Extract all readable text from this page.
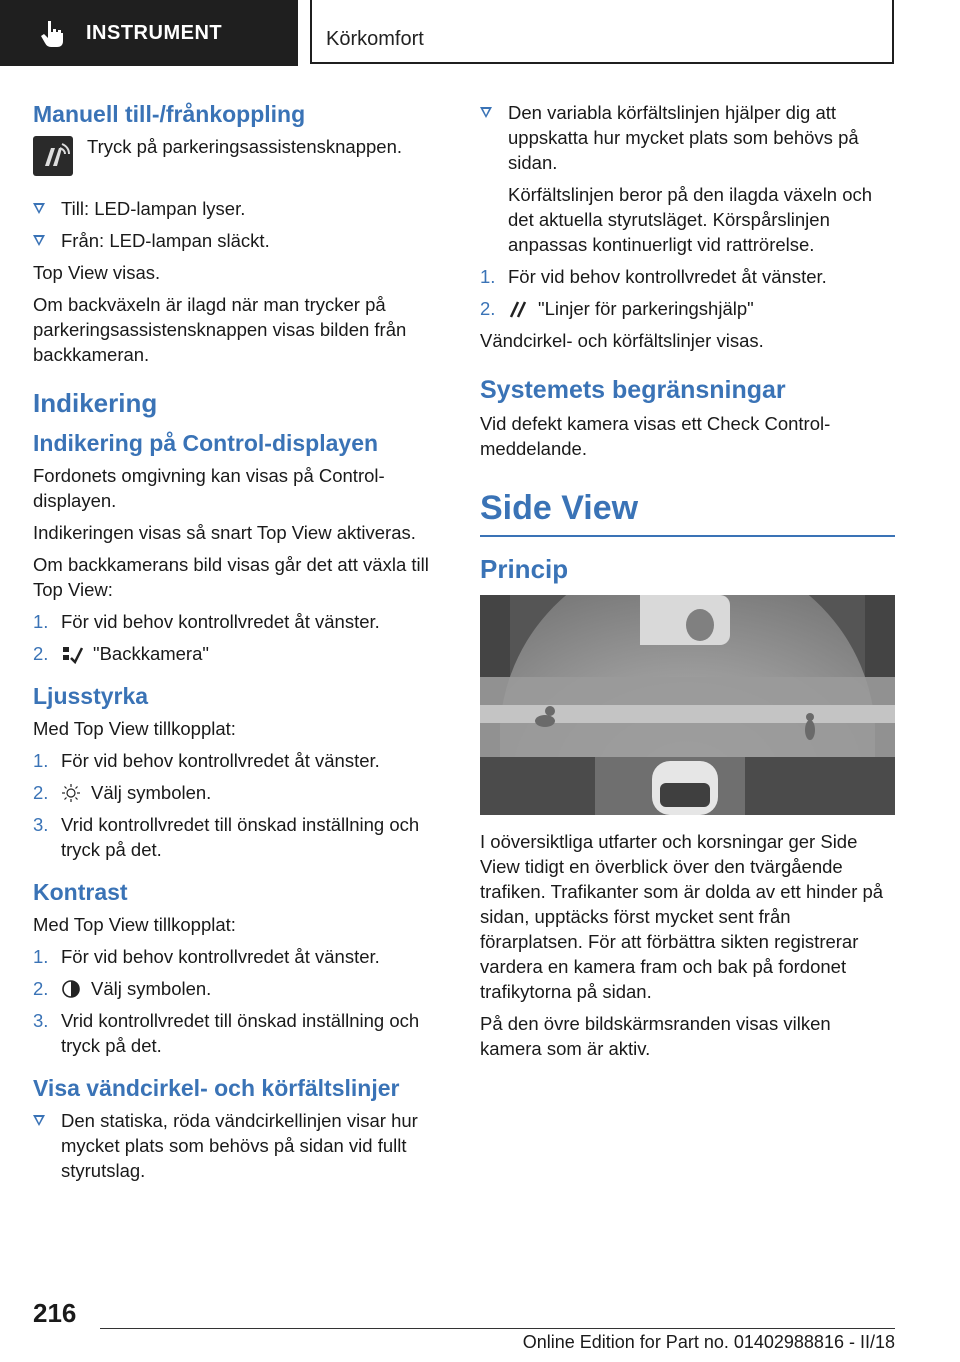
INSTRUMENT	Körkomfort
Manuell till-/frånkoppling
Tryck på parkeringsassistensknappen.
Till: LED-lampan lyser.
Från: LED-lampan släckt.

Top View visas.

Om backväxeln är ilagd när man trycker på parkeringsassistensknappen visas bilden från backkameran.

Indikering
Indikering på Control-displayen

Fordonets omgivning kan visas på Control-displayen.

Indikeringen visas så snart Top View aktiveras.

Om backkamerans bild visas går det att växla till Top View:

1. För vid behov kontrollvredet åt vänster.
2. "Backkamera"
Ljusstyrka

Med Top View tillkopplat:

1. För vid behov kontrollvredet åt vänster.
2. Välj symbolen.
3. Vrid kontrollvredet till önskad inställning och tryck på det.
Kontrast

Med Top View tillkopplat:

1. För vid behov kontrollvredet åt vänster.
2. Välj symbolen.
3. Vrid kontrollvredet till önskad inställning och tryck på det.
Visa vändcirkel- och körfältslinjer
Den statiska, röda vändcirkellinjen visar hur mycket plats som behövs på sidan vid fullt styrutslag.
Den variabla körfältslinjen hjälper dig att uppskatta hur mycket plats som behövs på sidan.

Körfältslinjen beror på den ilagda växeln och det aktuella styrutsläget. Körspårslinjen anpassas kontinuerligt vid rattrörelse.

1. För vid behov kontrollvredet åt vänster.
2. "Linjer för parkeringshjälp"

Vändcirkel- och körfältslinjer visas.

Systemets begränsningar

Vid defekt kamera visas ett Check Control-meddelande.

Side View
Princip

I oöversiktliga utfarter och korsningar ger Side View tidigt en överblick över den tvärgående trafiken. Trafikanter som är dolda av ett hinder på sidan, upptäcks först mycket sent från förarplatsen. För att förbättra sikten registrerar vardera en kamera fram och bak på fordonet trafikytorna på sidan.

På den övre bildskärmsranden visas vilken kamera som är aktiv.

216
Online Edition for Part no. 01402988816 - II/18
